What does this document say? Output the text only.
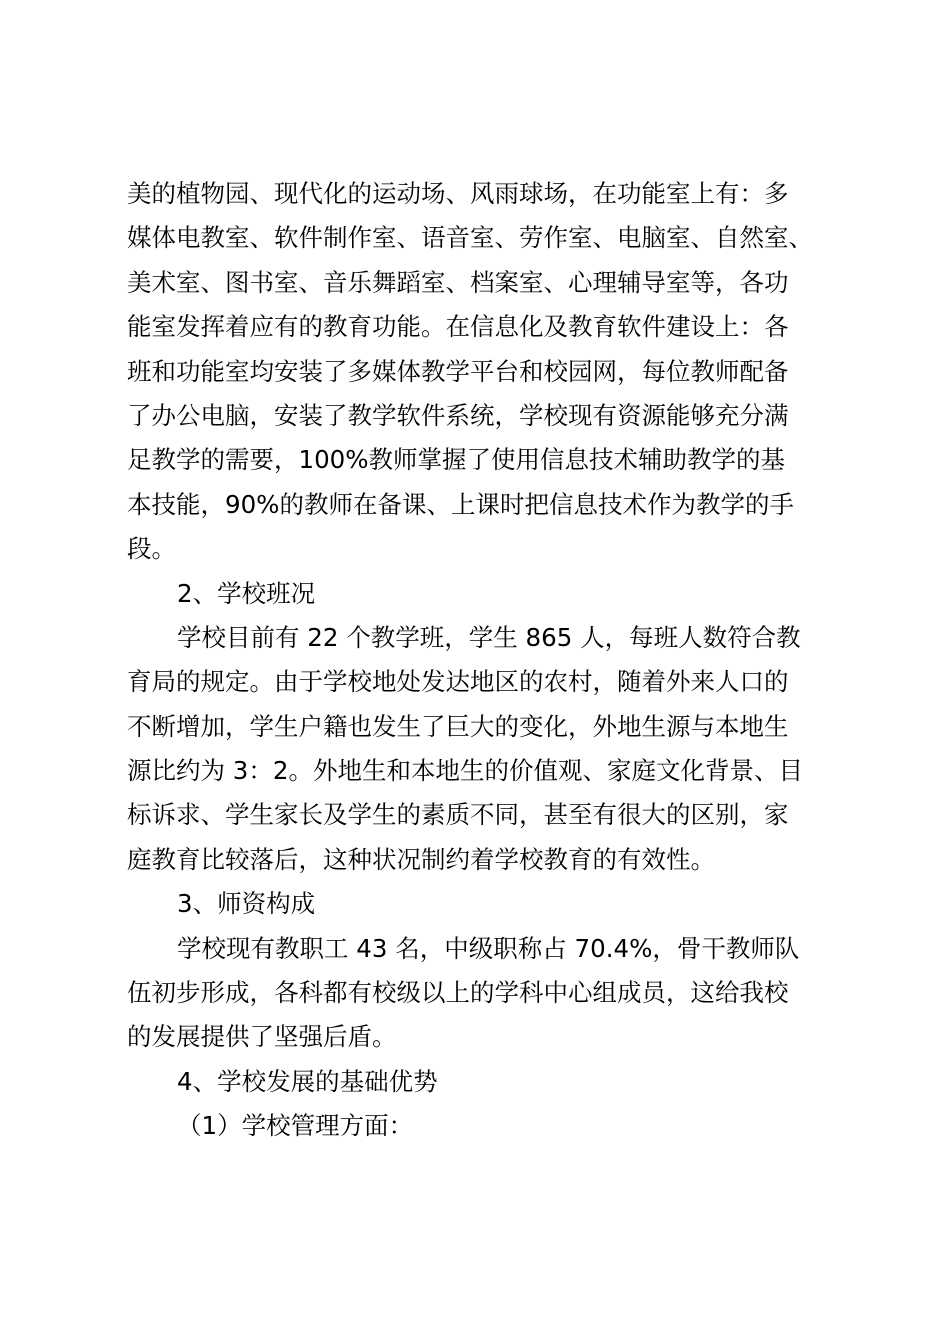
美的植物园、现代化的运动场、风雨球场，在功能室上有：多
媒体电教室、软件制作室、语音室、劳作室、电脑室、自然室、
美术室、图书室、音乐舞蹈室、档案室、心理辅导室等，各功
能室发挥着应有的教育功能。在信息化及教育软件建设上：各
班和功能室均安装了多媒体教学平台和校园网，每位教师配备
了办公电脑，安装了教学软件系统，学校现有资源能够充分满
足教学的需要，100%教师掌握了使用信息技术辅助教学的基
本技能，90%的教师在备课、上课时把信息技术作为教学的手
段。
2、学校班况
学校目前有 22 个教学班，学生 865 人，每班人数符合教
育局的规定。由于学校地处发达地区的农村，随着外来人口的
不断增加，学生户籍也发生了巨大的变化，外地生源与本地生
源比约为 3：2。外地生和本地生的价值观、家庭文化背景、目
标诉求、学生家长及学生的素质不同，甚至有很大的区别，家
庭教育比较落后，这种状况制约着学校教育的有效性。
3、师资构成
学校现有教职工 43 名，中级职称占 70.4%，骨干教师队
伍初步形成，各科都有校级以上的学科中心组成员，这给我校
的发展提供了坚强后盾。
4、学校发展的基础优势
（1）学校管理方面：
